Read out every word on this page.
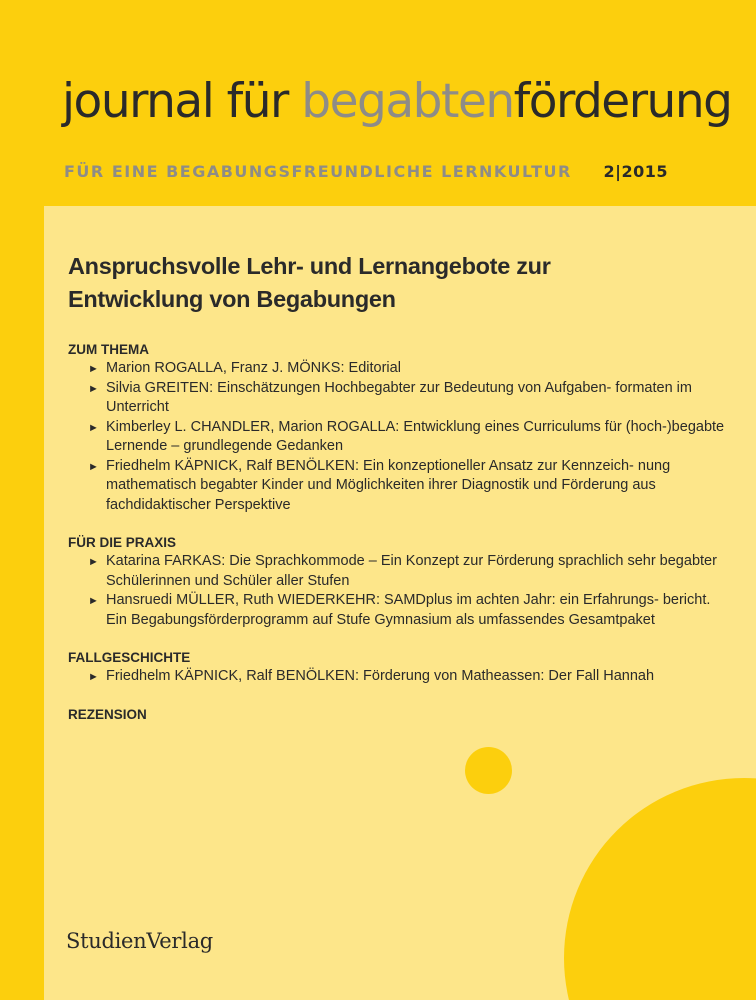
journal für begabtenförderung
FÜR EINE BEGABUNGSFREUNDLICHE LERNKULTUR 2|2015
Anspruchsvolle Lehr- und Lernangebote zur
Entwicklung von Begabungen
ZUM THEMA
► Marion ROGALLA, Franz J. MÖNKS: Editorial
► Silvia GREITEN: Einschätzungen Hochbegabter zur Bedeutung von Aufgaben- formaten im Unterricht
► Kimberley L. CHANDLER, Marion ROGALLA: Entwicklung eines Curriculums für (hoch-)begabte Lernende – grundlegende Gedanken
► Friedhelm KÄPNICK, Ralf BENÖLKEN: Ein konzeptioneller Ansatz zur Kennzeich- nung mathematisch begabter Kinder und Möglichkeiten ihrer Diagnostik und Förderung aus fachdidaktischer Perspektive
FÜR DIE PRAXIS
► Katarina FARKAS: Die Sprachkommode – Ein Konzept zur Förderung sprachlich sehr begabter Schülerinnen und Schüler aller Stufen
► Hansruedi MÜLLER, Ruth WIEDERKEHR: SAMDplus im achten Jahr: ein Erfahrungs- bericht. Ein Begabungsförderprogramm auf Stufe Gymnasium als umfassendes Gesamtpaket
FALLGESCHICHTE
► Friedhelm KÄPNICK, Ralf BENÖLKEN: Förderung von Matheassen: Der Fall Hannah
REZENSION
StudienVerlag
